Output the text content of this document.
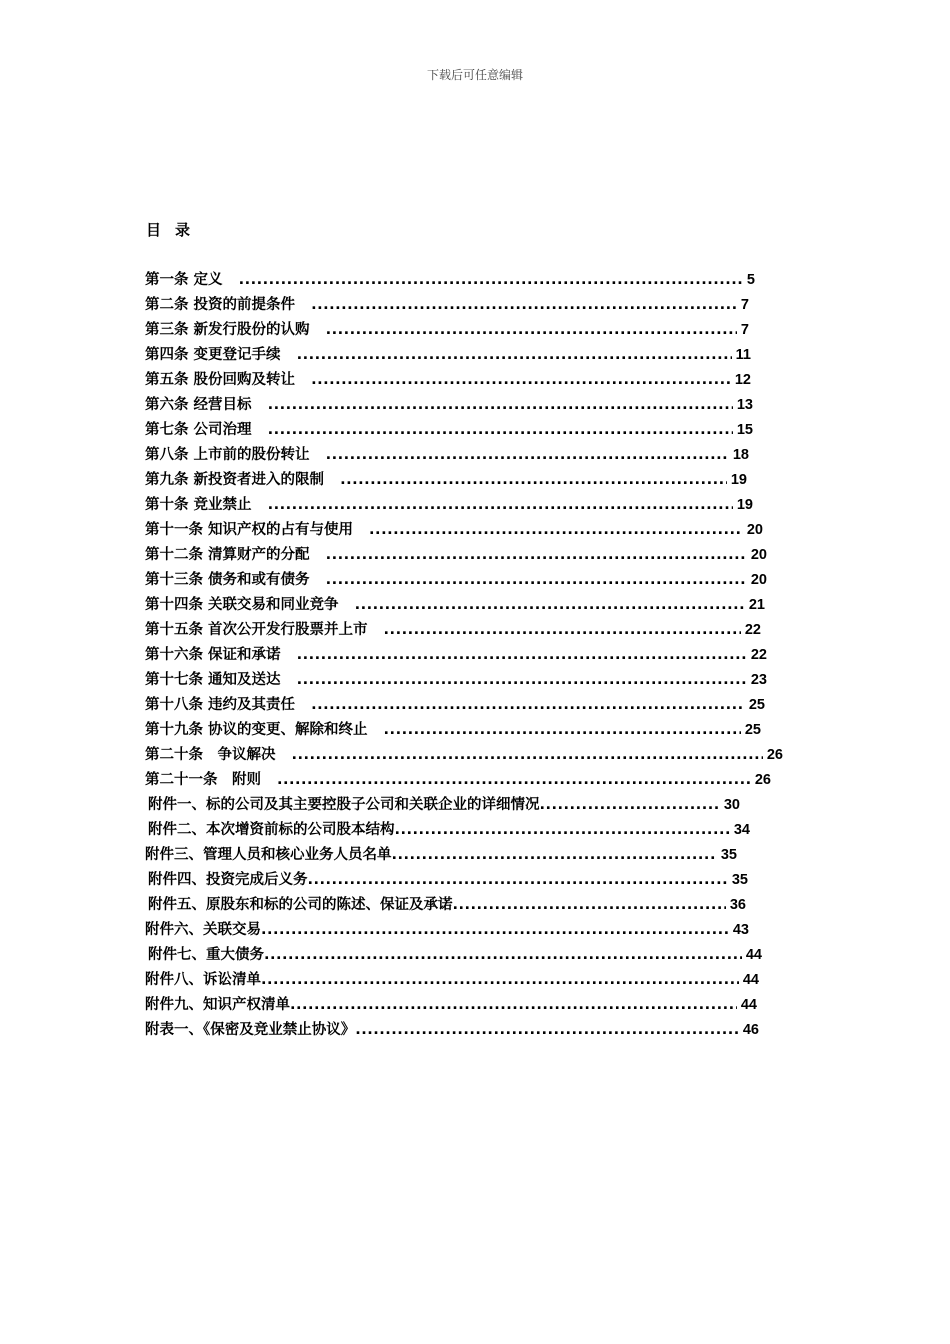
下载后可任意编辑
目录
第一条 定义 .....	5
第二条 投资的前提条件 .....	7
第三条 新发行股份的认购 .....	7
第四条 变更登记手续 .....	11
第五条 股份回购及转让 .....	12
第六条 经营目标 .....	13
第七条 公司治理 .....	15
第八条 上市前的股份转让 .....	18
第九条 新投资者进入的限制 .....	19
第十条 竞业禁止 .....	19
第十一条 知识产权的占有与使用 .....	20
第十二条 清算财产的分配 .....	20
第十三条 债务和或有债务 .....	20
第十四条 关联交易和同业竞争 .....	21
第十五条 首次公开发行股票并上市 .....	22
第十六条 保证和承诺 .....	22
第十七条 通知及送达 .....	23
第十八条 违约及其责任 .....	25
第十九条 协议的变更、解除和终止 .....	25
第二十条　争议解决 .....	26
第二十一条　附则 .....	26
附件一、标的公司及其主要控股子公司和关联企业的详细情况 .....	30
附件二、本次增资前标的公司股本结构 .....	34
附件三、管理人员和核心业务人员名单 .....	35
附件四、投资完成后义务 .....	35
附件五、原股东和标的公司的陈述、保证及承诺 .....	36
附件六、关联交易 .....	43
附件七、重大债务 .....	44
附件八、诉讼清单 .....	44
附件九、知识产权清单 .....	44
附表一、《保密及竞业禁止协议》 .....	46
